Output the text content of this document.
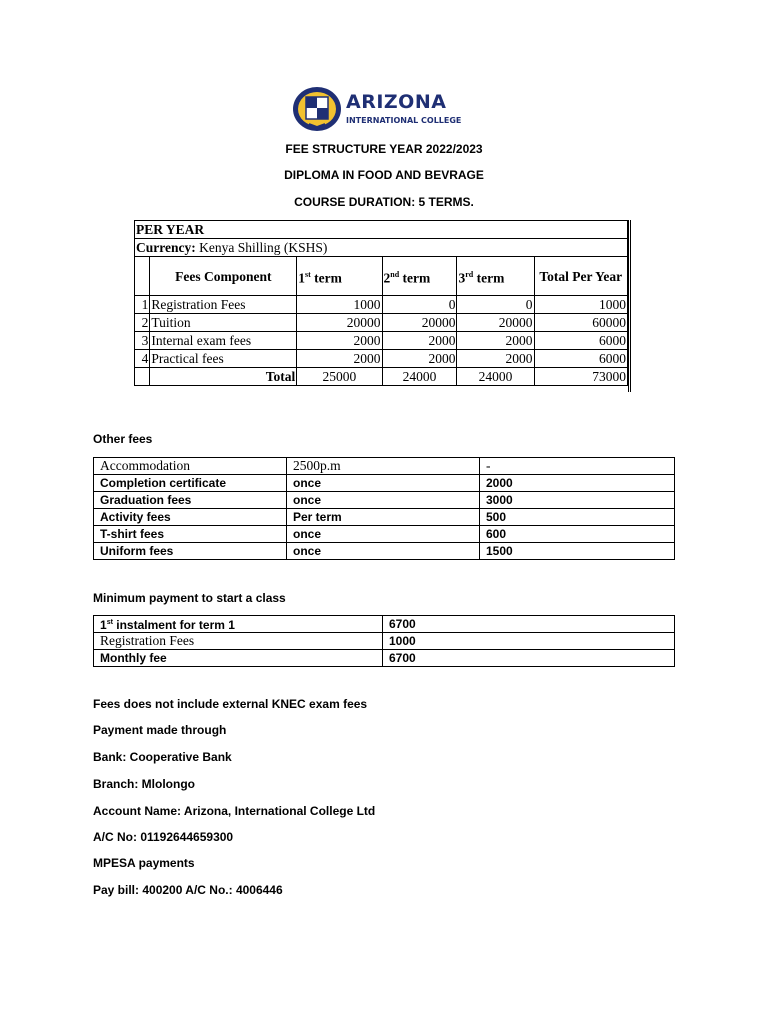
ARIZONA
INTERNATIONAL COLLEGE
FEE STRUCTURE YEAR 2022/2023
DIPLOMA IN FOOD AND BEVRAGE
COURSE DURATION: 5 TERMS.
PER YEAR					
Currency: Kenya Shilling (KSHS)					
	Fees Component	1st term	2nd term	3rd term	Total Per Year
1	Registration Fees	1000	0	0	1000
2	Tuition	20000	20000	20000	60000
3	Internal exam fees	2000	2000	2000	6000
4	Practical fees	2000	2000	2000	6000
	Total	25000	24000	24000	73000
Other fees
Accommodation	2500p.m	-
Completion certificate	once	2000
Graduation fees	once	3000
Activity fees	Per term	500
T-shirt fees	once	600
Uniform fees	once	1500
Minimum payment to start a class
1st instalment for term 1	6700
Registration Fees	1000
Monthly fee	6700
Fees does not include external KNEC exam fees
Payment made through
Bank: Cooperative Bank
Branch: Mlolongo
Account Name: Arizona, International College Ltd
A/C No: 01192644659300
MPESA payments
Pay bill: 400200 A/C No.: 4006446
